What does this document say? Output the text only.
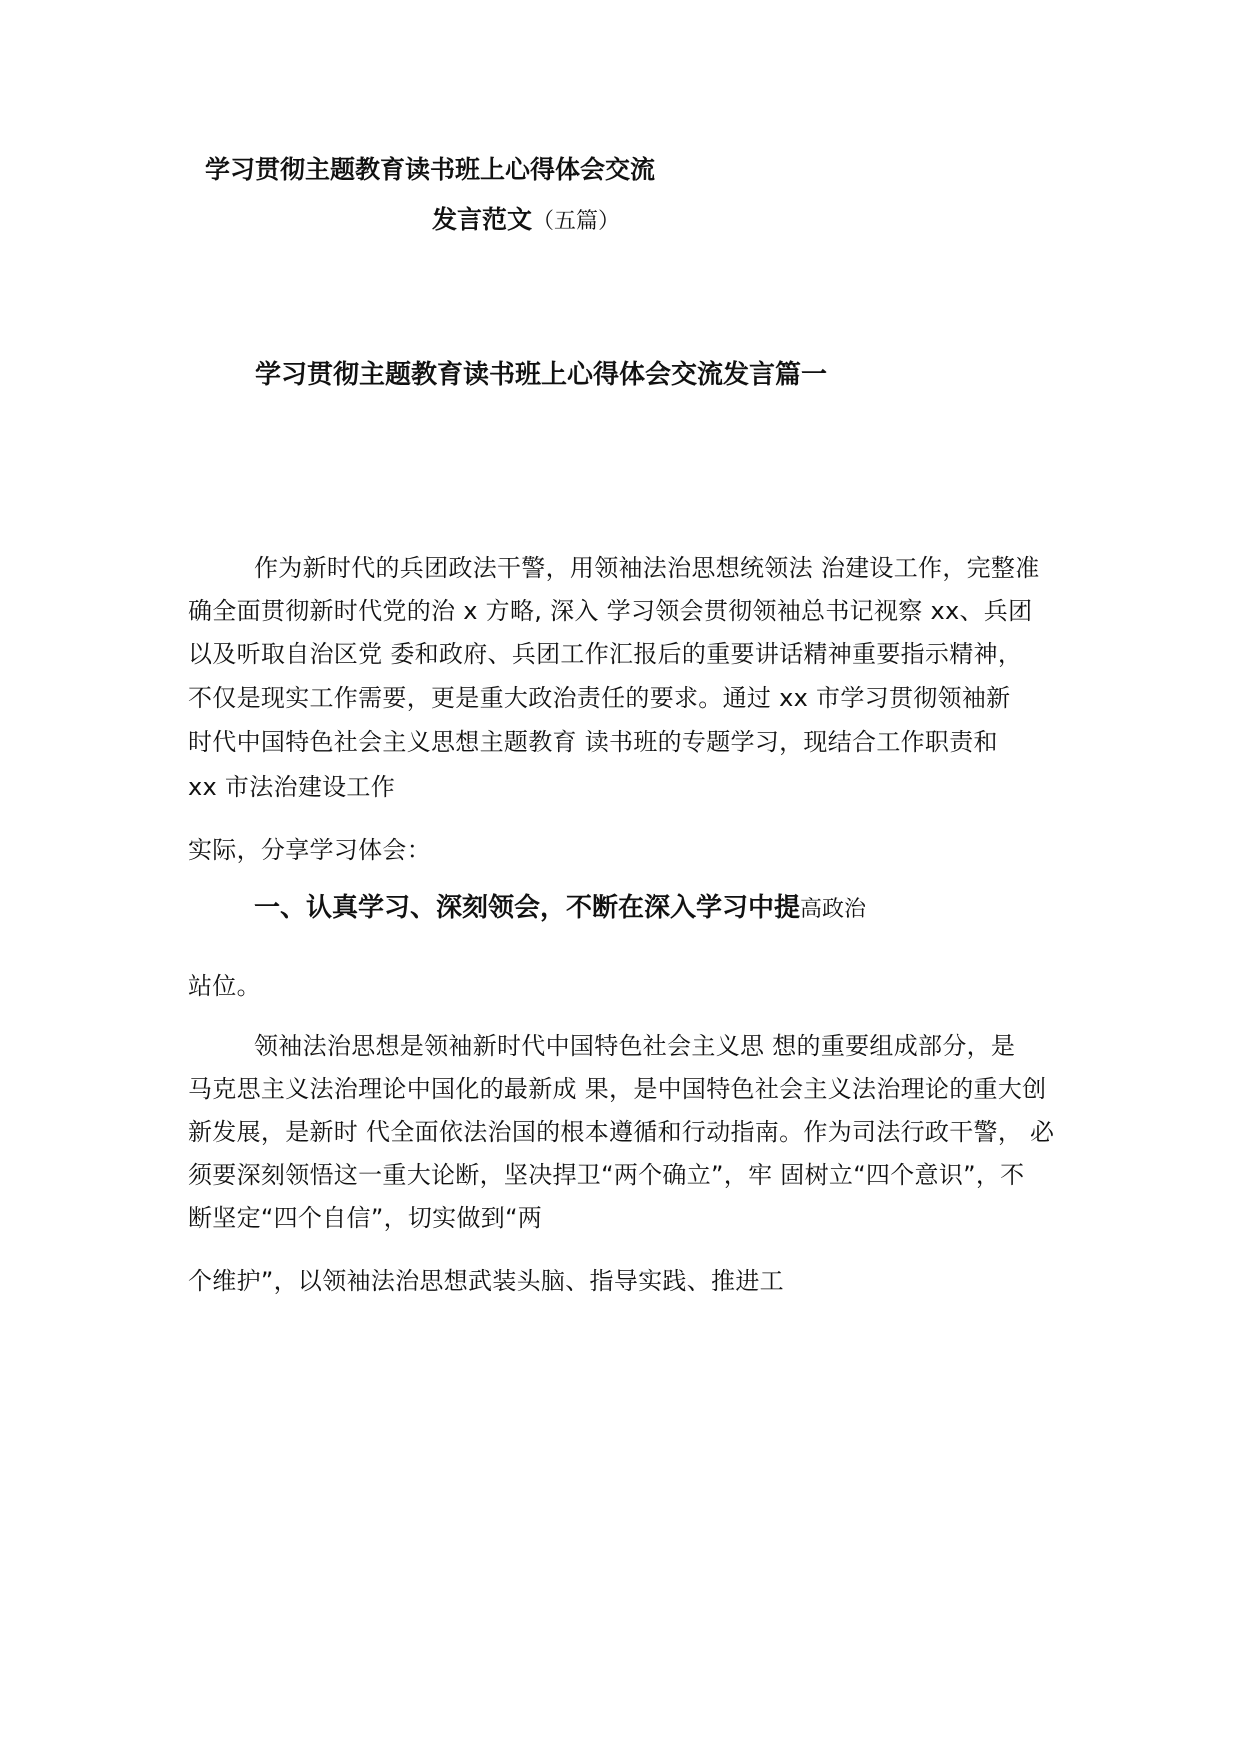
学习贯彻主题教育读书班上心得体会交流
发言范文（五篇）
学习贯彻主题教育读书班上心得体会交流发言篇一
作为新时代的兵团政法干警，用领袖法治思想统领法 治建设工作，完整准
确全面贯彻新时代党的治 x 方略, 深入 学习领会贯彻领袖总书记视察 xx、兵团
以及听取自治区党 委和政府、兵团工作汇报后的重要讲话精神重要指示精神，
不仅是现实工作需要，更是重大政治责任的要求。通过 xx 市学习贯彻领袖新
时代中国特色社会主义思想主题教育 读书班的专题学习，现结合工作职责和
xx 市法治建设工作
实际，分享学习体会：
一、认真学习、深刻领会，不断在深入学习中提高政治
站位。
领袖法治思想是领袖新时代中国特色社会主义思 想的重要组成部分，是
马克思主义法治理论中国化的最新成 果，是中国特色社会主义法治理论的重大创
新发展，是新时 代全面依法治国的根本遵循和行动指南。作为司法行政干警， 必
须要深刻领悟这一重大论断，坚决捍卫“两个确立”，牢 固树立“四个意识”，不
断坚定“四个自信”，切实做到“两
个维护”，以领袖法治思想武装头脑、指导实践、推进工
